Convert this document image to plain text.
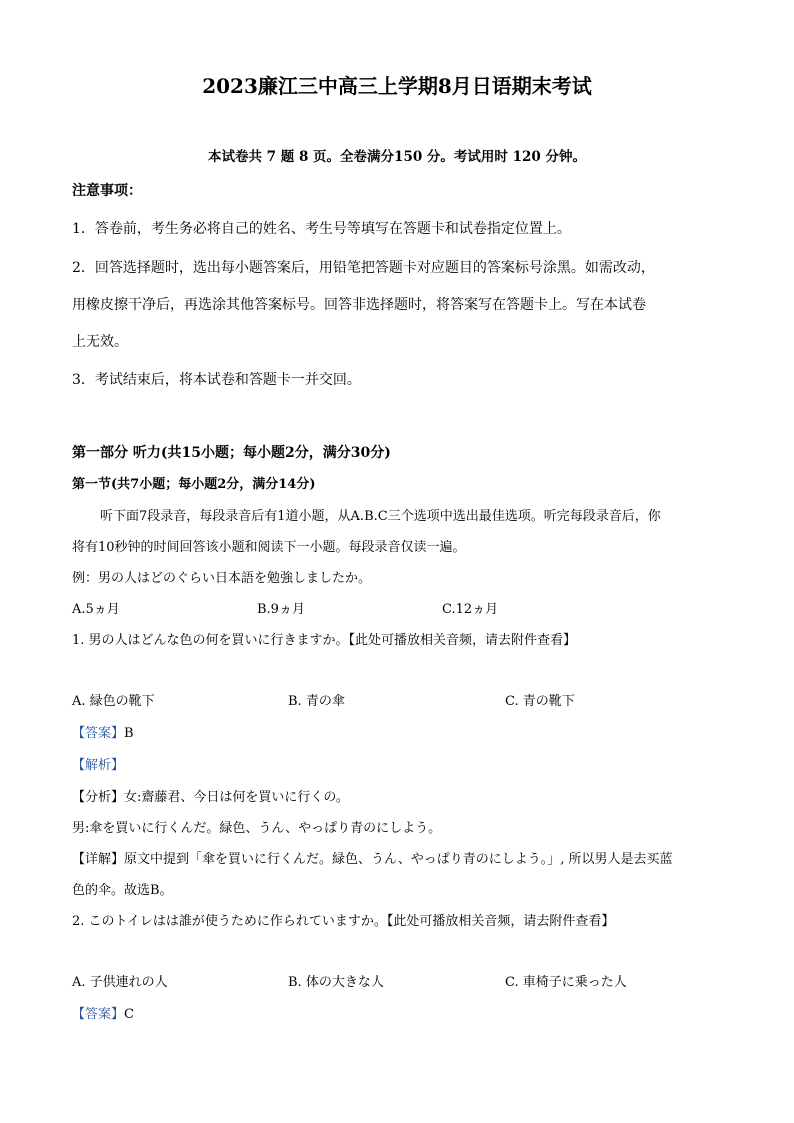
2023廉江三中高三上学期8月日语期末考试
本试卷共 7 题 8 页。全卷满分150 分。考试用时 120 分钟。
注意事项：
1．答卷前，考生务必将自己的姓名、考生号等填写在答题卡和试卷指定位置上。
2．回答选择题时，选出每小题答案后，用铅笔把答题卡对应题目的答案标号涂黑。如需改动，
用橡皮擦干净后，再选涂其他答案标号。回答非选择题时，将答案写在答题卡上。写在本试卷
上无效。
3．考试结束后，将本试卷和答题卡一并交回。
第一部分 听力(共15小题；每小题2分，满分30分)
第一节(共7小题；每小题2分，满分14分)
听下面7段录音，每段录音后有1道小题，从A.B.C三个选项中选出最佳选项。听完每段录音后，你
将有10秒钟的时间回答该小题和阅读下一小题。每段录音仅读一遍。
例：男の人はどのぐらい日本語を勉強しましたか。
A.5ヵ月	B.9ヵ月	C.12ヵ月
1. 男の人はどんな色の何を買いに行きますか。【此处可播放相关音频，请去附件查看】
A. 緑色の靴下	B. 青の傘	C. 青の靴下
【答案】B
【解析】
【分析】女:齋藤君、今日は何を買いに行くの。
男:傘を買いに行くんだ。緑色、うん、やっぱり青のにしよう。
【详解】原文中提到「傘を買いに行くんだ。緑色、うん、やっぱり青のにしよう。」, 所以男人是去买蓝
色的伞。故选B。
2. このトイレはは誰が使うために作られていますか。【此处可播放相关音频，请去附件查看】
A. 子供連れの人	B. 体の大きな人	C. 車椅子に乗った人
【答案】C
